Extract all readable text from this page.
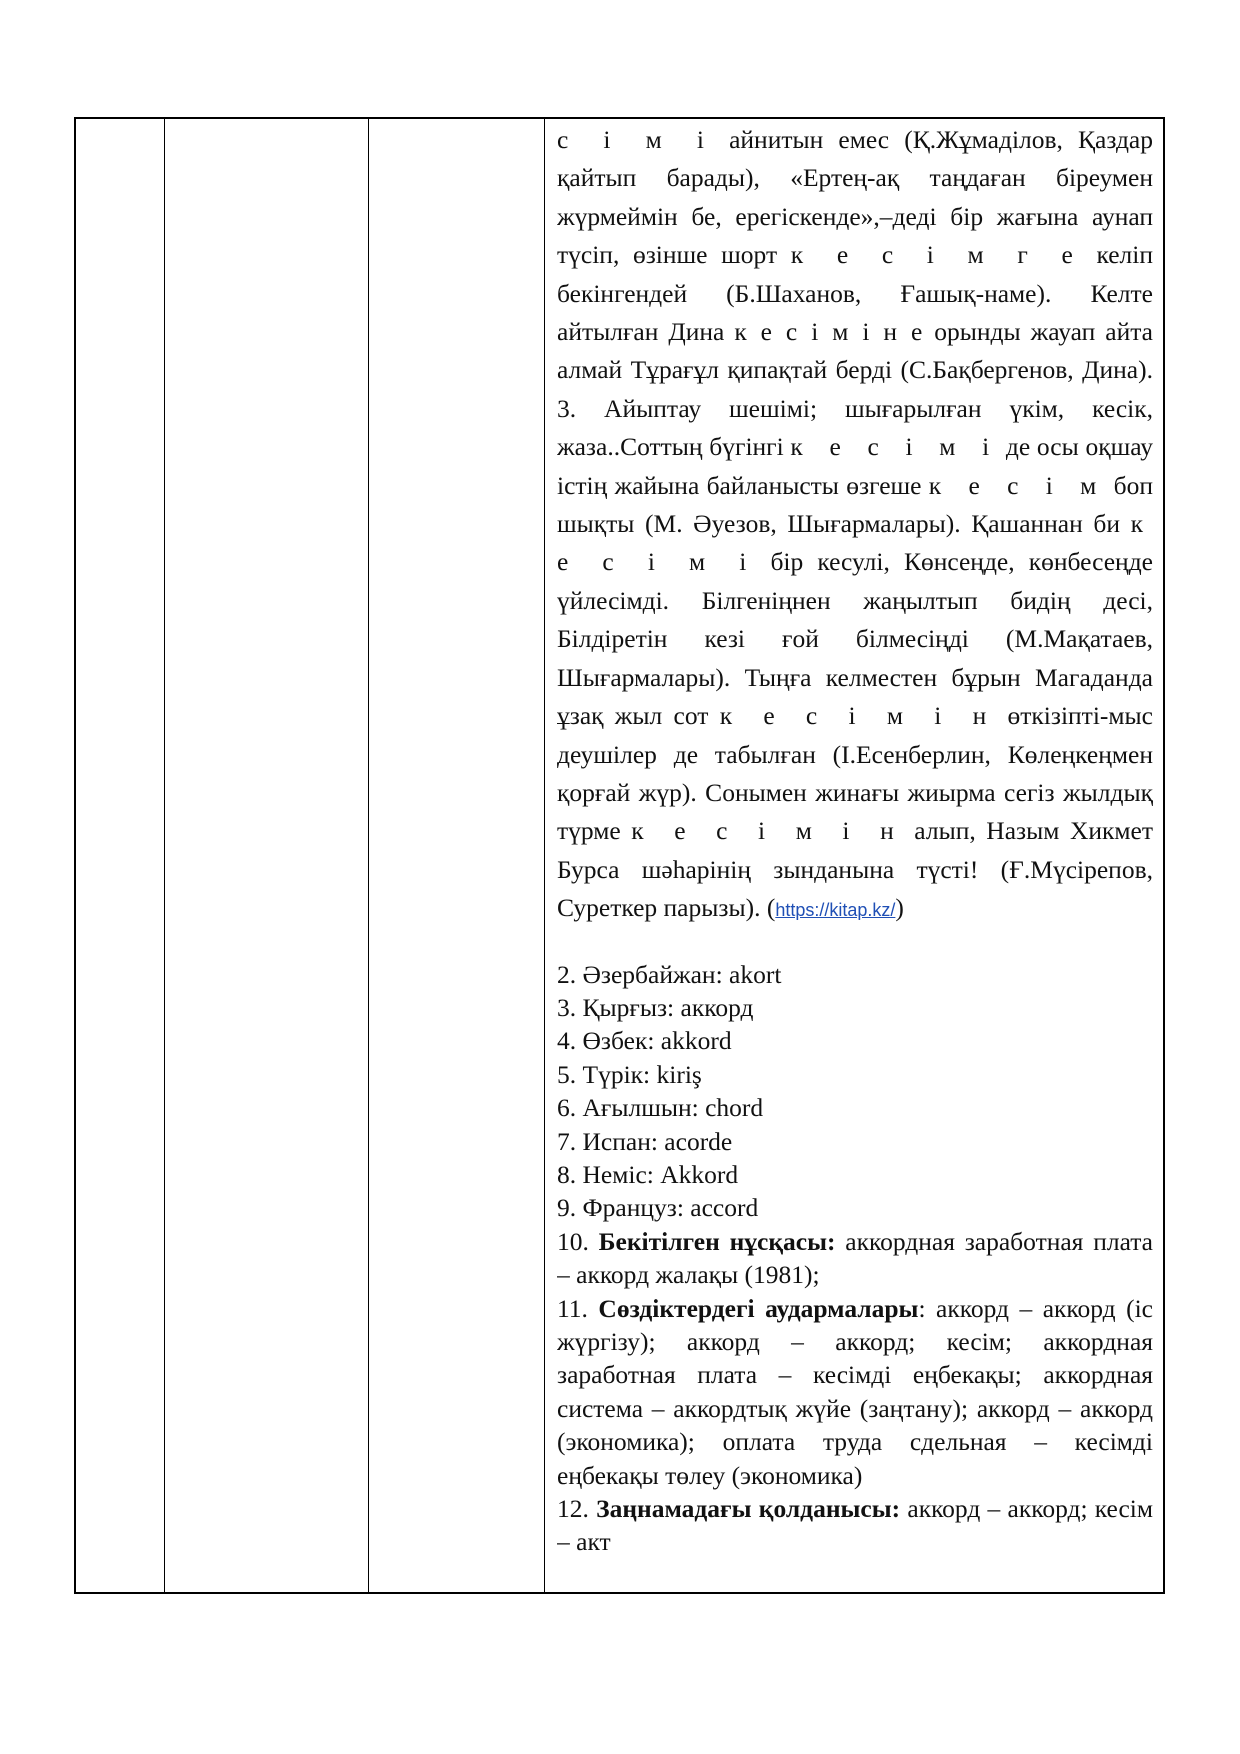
с і м і айнитын емес (Қ.Жұмаділов, Қаздар қайтып барады), «Ертең-ақ таңдаған біреумен жүрмеймін бе, ерегіскенде»,–деді бір жағына аунап түсіп, өзінше шорт к е с і м г е келіп бекінгендей (Б.Шаханов, Ғашық-наме). Келте айтылған Дина к е с і м і н е орынды жауап айта алмай Тұрағұл қипақтай берді (С.Бақбергенов, Дина). 3. Айыптау шешімі; шығарылған үкім, кесік, жаза..Соттың бүгінгі к е с і м і де осы оқшау істің жайына байланысты өзгеше к е с і м боп шықты (М. Әуезов, Шығармалары). Қашаннан би к е с і м і бір кесулі, Көнсеңде, көнбесеңде үйлесімді. Білгеніңнен жаңылтып бидің десі, Білдіретін кезі ғой білмесіңді (М.Мақатаев, Шығармалары). Тыңға келместен бұрын Магаданда ұзақ жыл сот к е с і м і н өткізіпті-мыс деушілер де табылған (І.Есенберлин, Көлеңкеңмен қорғай жүр). Сонымен жинағы жиырма сегіз жылдық түрме к е с і м і н алып, Назым Хикмет Бурса шәһарінің зынданына түсті! (Ғ.Мүсірепов, Суреткер парызы). (https://kitap.kz/)

2. Әзербайжан: akort
3. Қырғыз: аккорд
4. Өзбек: akkord
5. Түрік: kiriş
6. Ағылшын: chord
7. Испан: acorde
8. Неміс: Akkord
9. Француз: accord

10. Бекітілген нұсқасы: аккордная заработная плата – аккорд жалақы (1981);

11. Сөздіктердегі аудармалары: аккорд – аккорд (іс жүргізу); аккорд – аккорд; кесім; аккордная заработная плата – кесімді еңбекақы; аккордная система – аккордтық жүйе (заңтану); аккорд – аккорд (экономика); оплата труда сдельная – кесімді еңбекақы төлеу (экономика)

12. Заңнамадағы қолданысы: аккорд – аккорд; кесім – акт
